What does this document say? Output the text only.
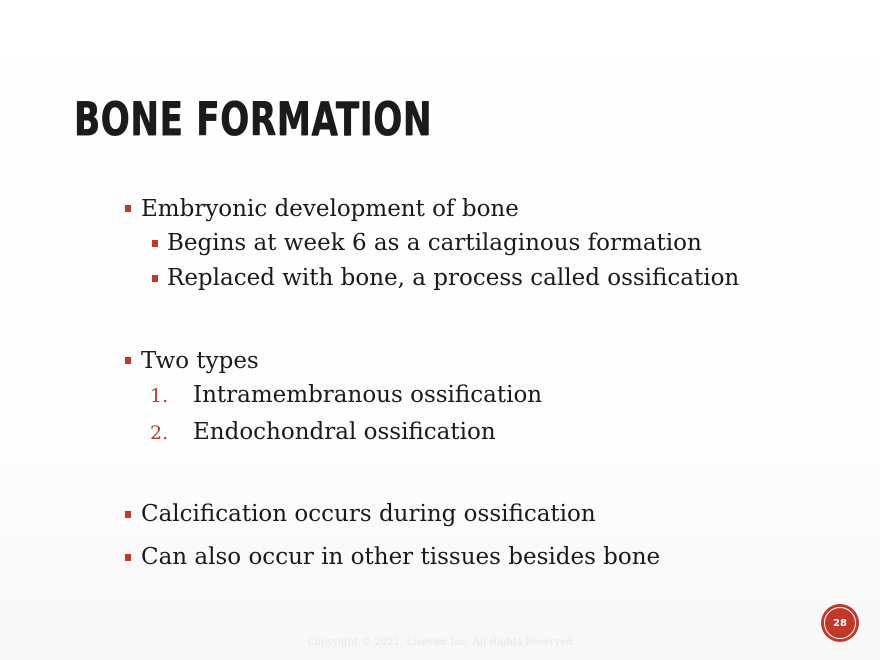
BONE FORMATION
Embryonic development of bone
Begins at week 6 as a cartilaginous formation
Replaced with bone, a process called ossification
Two types
1. Intramembranous ossification
2. Endochondral ossification
Calcification occurs during ossification
Can also occur in other tissues besides bone
Copyright © 2022, Elsevier Inc. All Rights Reserved
28
